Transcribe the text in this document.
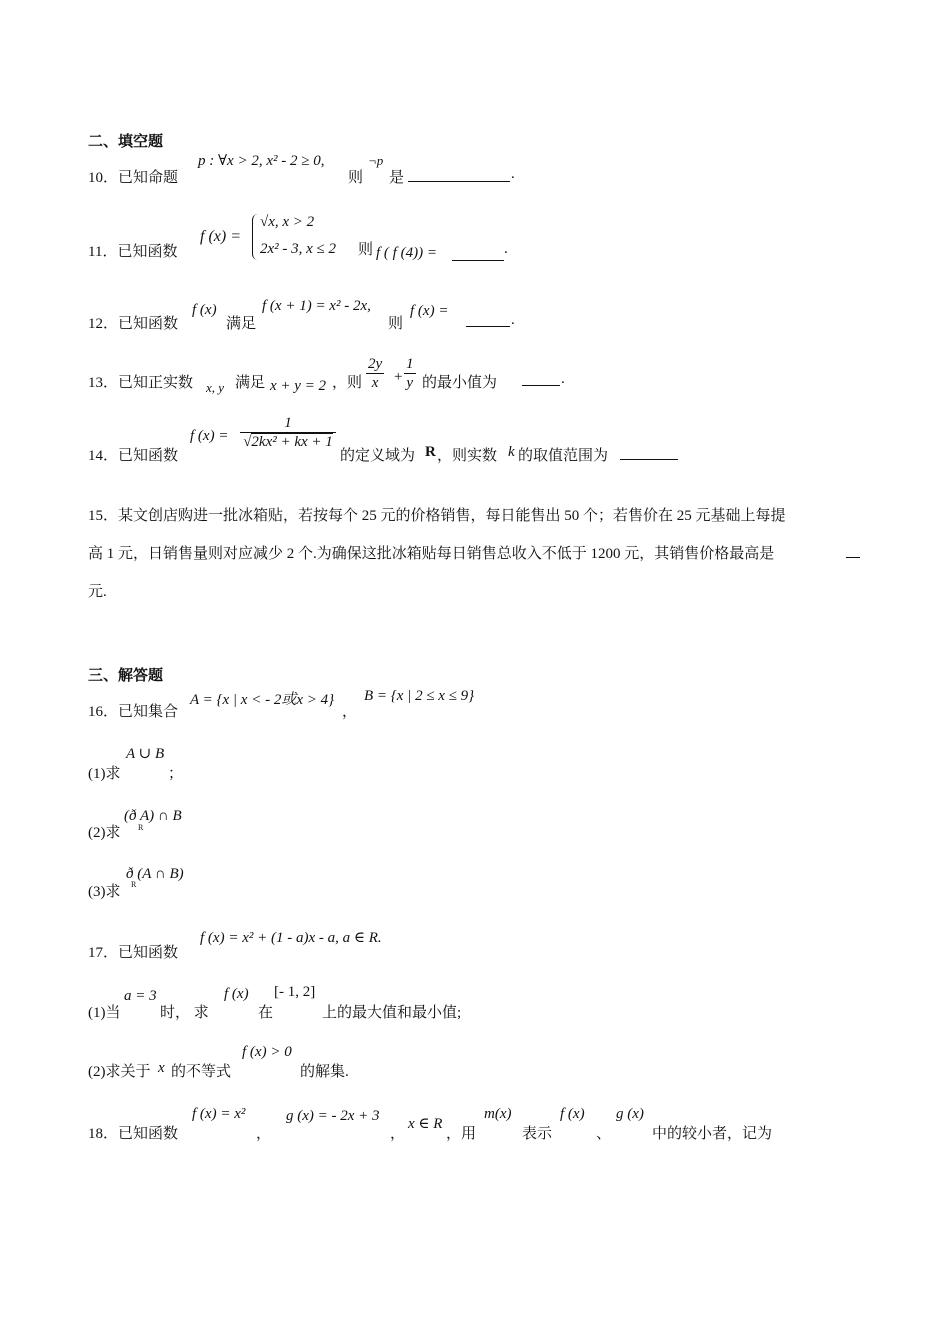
二、填空题
10．已知命题
p : ∀x > 2, x² - 2 ≥ 0,
则
¬p
是	.
11．已知函数
f (x) =
√x, x > 2
2x² - 3, x ≤ 2 则 f ( f (4)) =	.
12．已知函数
f (x)
满足
f (x + 1) = x² - 2x,
则
f (x) =
.
13．已知正实数 x, y 满足 x + y = 2 ，则 $\frac{2y}{x} + \frac{1}{y}$ 的最小值为	.
14．已知函数
f $(x) = \frac{1}{\text{√2kx² + kx + 1}}$
的定义域为 R ，则实数 k 的取值范围为
15．某文创店购进一批冰箱贴，若按每个 25 元的价格销售，每日能售出 50 个；若售价在 25 元基础上每提
高 1 元，日销售量则对应减少 2 个.为确保这批冰箱贴每日销售总收入不低于 1200 元，其销售价格最高是
元.
三、解答题
16．已知集合
A = {x | x < - 2或x > 4}
，
B = {x | 2 ≤ x ≤ 9}
(1)求
A ∪ B
；
(2)求
(ð A) ∩ B
R
(3)求
ð (A ∩ B)
R
17．已知函数
f (x) = x² + (1 - a)x - a, a ∈ R.
(1)当
a = 3
时， 求
f (x)
在
[- 1, 2]
上的最大值和最小值;
(2)求关于 x 的不等式
f (x) > 0
的解集.
18．已知函数
f (x) = x²
，
g (x) = - 2x + 3
，
x ∈ R
，用
m(x)
表示
f (x)
、
g (x)
中的较小者，记为
